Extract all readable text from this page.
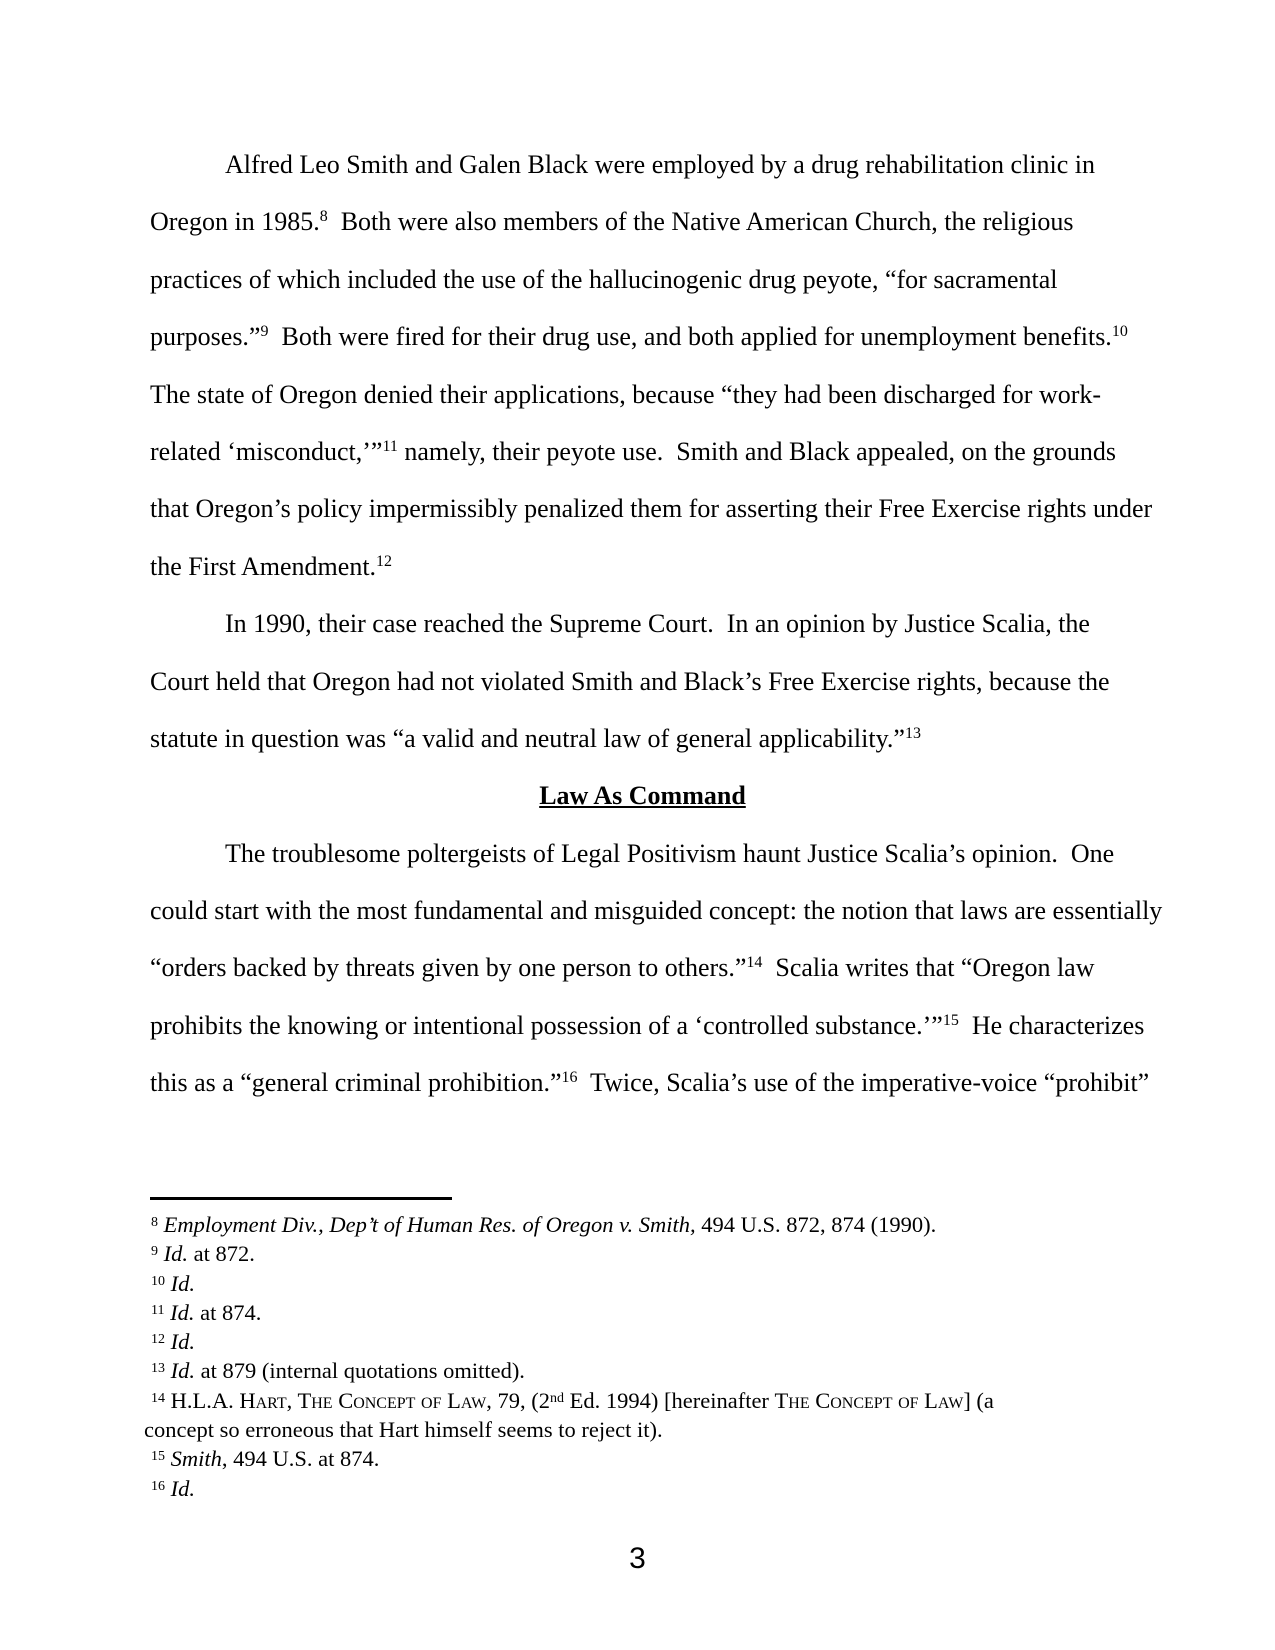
Alfred Leo Smith and Galen Black were employed by a drug rehabilitation clinic in
Oregon in 1985.$^8$  Both were also members of the Native American Church, the religious
practices of which included the use of the hallucinogenic drug peyote, “for sacramental
purposes.”$^9$  Both were fired for their drug use, and both applied for unemployment benefits.$^{10}$
The state of Oregon denied their applications, because “they had been discharged for work-
related ‘misconduct,’”$^{11}$ namely, their peyote use.  Smith and Black appealed, on the grounds
that Oregon’s policy impermissibly penalized them for asserting their Free Exercise rights under
the First Amendment.$^{12}$
In 1990, their case reached the Supreme Court.  In an opinion by Justice Scalia, the
Court held that Oregon had not violated Smith and Black’s Free Exercise rights, because the
statute in question was “a valid and neutral law of general applicability.”$^{13}$
Law As Command
The troublesome poltergeists of Legal Positivism haunt Justice Scalia’s opinion.  One
could start with the most fundamental and misguided concept: the notion that laws are essentially
“orders backed by threats given by one person to others.”$^{14}$  Scalia writes that “Oregon law
prohibits the knowing or intentional possession of a ‘controlled substance.’”$^{15}$  He characterizes
this as a “general criminal prohibition.”$^{16}$  Twice, Scalia’s use of the imperative-voice “prohibit”
$^8$ Employment Div., Dep’t of Human Res. of Oregon v. Smith, 494 U.S. 872, 874 (1990).
$^9$ Id. at 872.
$^{10}$ Id.
$^{11}$ Id. at 874.
$^{12}$ Id.
$^{13}$ Id. at 879 (internal quotations omitted).
$^{14}$ H.L.A. Hart, The Concept of Law, 79, (2nd Ed. 1994) [hereinafter The Concept of Law] (a
concept so erroneous that Hart himself seems to reject it).
$^{15}$ Smith, 494 U.S. at 874.
$^{16}$ Id.
3
